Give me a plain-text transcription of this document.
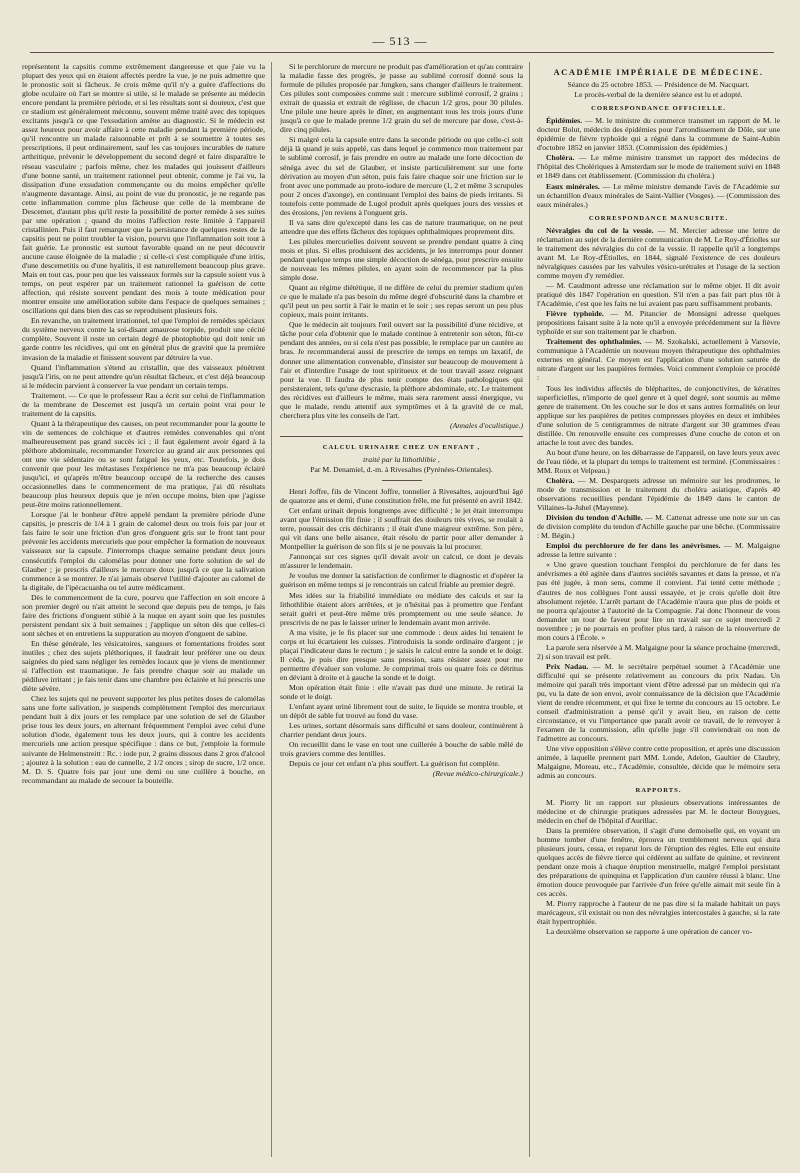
— 513 —

représentent la capsitis comme extrêmement dangereuse et que j'aie vu la plupart des yeux qui en étaient affectés perdre la vue, je ne puis admettre que le pronostic soit si fâcheux. Je crois même qu'il n'y a guère d'affections du globe oculaire où l'art se montre si utile, si le malade se présente au médecin encore pendant la première période, et si les résultats sont si douteux, c'est que ce stadium est généralement méconnu, souvent même traité avec des topiques excitants jusqu'à ce que l'exsudation amène au diagnostic. Si le médecin est assez heureux pour avoir affaire à cette maladie pendant la première période, qu'il rencontre un malade raisonnable et prêt à se soumettre à toutes ses prescriptions, il peut ordinairement, sauf les cas toujours incurables de nature arthritique, prévenir le développement du second degré et faire disparaître le réseau vasculaire ; parfois même, chez les malades qui jouissent d'ailleurs d'une bonne santé, un traitement rationnel peut obtenir, comme je l'ai vu, la dissipation d'une exsudation commençante ou du moins empêcher qu'elle n'augmente davantage. Ainsi, au point de vue du pronostic, je ne regarde pas cette inflammation comme plus fâcheuse que celle de la membrane de Descemet, d'autant plus qu'il reste la possibilité de porter remède à ses suites par une opération ; quand du moins l'affection reste limitée à l'appareil cristallinien. Puis il faut remarquer que la persistance de quelques restes de la capsitis peut ne point troubler la vision, pourvu que l'inflammation soit tout à fait guérie. Le pronostic est surtout favorable quand on ne peut découvrir aucune cause éloignée de la maladie ; si celle-ci s'est compliquée d'une iritis, d'une descemetitis ou d'une hyalitis, il est naturellement beaucoup plus grave. Mais en tout cas, pour peu que les vaisseaux formés sur la capsule soient vus à temps, on peut espérer par un traitement rationnel la guérison de cette affection, qui résiste souvent pendant des mois à toute médication pour montrer ensuite une amélioration subite dans l'espace de quelques semaines ; oscillations qui dans bien des cas se reproduisent plusieurs fois.

En revanche, un traitement irrationnel, tel que l'emploi de remèdes spéciaux du système nerveux contre la soi-disant amaurose torpide, produit une cécité complète. Souvent il reste un certain degré de photophobie qui doit tenir un garde contre les récidives, qui ont en général plus de gravité que la première invasion de la maladie et finissent souvent par détruire la vue.

Quand l'inflammation s'étend au cristallin, que des vaisseaux pénètrent jusqu'à l'iris, on ne peut attendre qu'un résultat fâcheux, et c'est déjà beaucoup si le médecin parvient à conserver la vue pendant un certain temps.

Traitement. — Ce que le professeur Rau a écrit sur celui de l'inflammation de la membrane de Descemet est jusqu'à un certain point vrai pour le traitement de la capsitis.

Quant à la thérapeutique des causes, on peut recommander pour la goutte le vin de semences de colchique et d'autres remèdes convenables qui n'ont malheureusement pas grand succès ici ; il faut également avoir égard à la pléthore abdominale, recommander l'exercice au grand air aux personnes qui ont une vie sédentaire ou se sont fatigué les yeux, etc. Toutefois, je dois convenir que pour les métastases l'expérience ne m'a pas beaucoup éclairé jusqu'ici, et qu'après m'être beaucoup occupé de la recherche des causes occasionnelles dans le commencement de ma pratique, j'ai dû résultats beaucoup plus heureux depuis que je m'en occupe moins, bien que j'agisse peut-être moins rationnellement.

Lorsque j'ai le bonheur d'être appelé pendant la première période d'une capsitis, je prescris de 1/4 à 1 grain de calomel deux ou trois fois par jour et fais faire le soir une friction d'un gros d'onguent gris sur le front tant pour prévenir les accidents mercuriels que pour empêcher la formation de nouveaux vaisseaux sur la capsule. J'interromps chaque semaine pendant deux jours consécutifs l'emploi du calomélas pour donner une forte solution de sel de Glauber ; je prescris d'ailleurs le mercure doux jusqu'à ce que la salivation commence à se montrer. Je n'ai jamais observé l'utilité d'ajouter au calomel de la digitale, de l'ipécacuanha ou tel autre médicament.

Dès le commencement de la cure, pourvu que l'affection en soit encore à son premier degré ou n'ait atteint le second que depuis peu de temps, je fais faire des frictions d'onguent stibié à la nuque en ayant soin que les pustules persistent pendant six à huit semaines ; j'applique un séton dès que celles-ci sont sèches et en entretiens la suppuration au moyen d'onguent de sabine.

En thèse générale, les vésicatoires, sangsues et fomentations froides sont inutiles ; chez des sujets pléthoriques, il faudrait leur préférer une ou deux saignées du pied sans négliger les remèdes locaux que je viens de mentionner si l'affection est traumatique. Je fais prendre chaque soir au malade un pédiluve irritant ; je fais tenir dans une chambre peu éclairée et lui prescris une diète sévère.

Chez les sujets qui ne peuvent supporter les plus petites doses de calomélas sans une forte salivation, je suspends complètement l'emploi des mercuriaux pendant huit à dix jours et les remplace par une solution de sel de Glauber prise tous les deux jours, en alternant fréquemment l'emploi avec celui d'une solution d'iode, également tous les deux jours, qui à contre les accidents mercuriels une action presque spécifique : dans ce but, j'emploie la formule suivante de Helmenstreitt : Rc. : iode pur, 2 grains dissous dans 2 gros d'alcool ; ajoutez à la solution : eau de cannelle, 2 1/2 onces ; sirop de sucre, 1/2 once. M. D. S. Quatre fois par jour une demi ou une cuillère à bouche, en recommandant au malade de secouer la bouteille.

Si le perchlorure de mercure ne produit pas d'amélioration et qu'au contraire la maladie fasse des progrès, je passe au sublimé corrosif donné sous la formule de pilules proposée par Jungken, sans changer d'ailleurs le traitement. Ces pilules sont composées comme suit : mercure sublimé corrosif, 2 grains ; extrait de quassia et extrait de réglisse, de chacun 1/2 gros, pour 30 pilules. Une pilule une heure après le dîner, en augmentant tous les trois jours d'une jusqu'à ce que le malade prenne 1/2 grain du sel de mercure par dose, c'est-à-dire cinq pilules.

Si malgré cela la capsule entre dans la seconde période ou que celle-ci soit déjà là quand je suis appelé, cas dans lequel je commence mon traitement par le sublimé corrosif, je fais prendre en outre au malade une forte décoction de sénéga avec du sel de Glauber, et insiste particulièrement sur une forte dérivation au moyen d'un séton, puis fais faire chaque soir une friction sur le front avec une pommade au proto-iodure de mercure (1, 2 et même 3 scrupules pour 2 onces d'axonge), en continuant l'emploi des bains de pieds irritants. Si toutefois cette pommade de Lugol produit après quelques jours des vessies et des érosions, j'en reviens à l'onguent gris.

Il va sans dire qu'excepté dans les cas de nature traumatique, on ne peut attendre que des effets fâcheux des topiques ophthalmiques proprement dits.

Les pilules mercurielles doivent souvent se prendre pendant quatre à cinq mois et plus. Si elles produisent des accidents, je les interromps pour donner pendant quelque temps une simple décoction de sénéga, pour prescrire ensuite de nouveau les mêmes pilules, en ayant soin de recommencer par la plus simple dose.

Quant au régime diététique, il ne diffère de celui du premier stadium qu'en ce que le malade n'a pas besoin du même degré d'obscurité dans la chambre et qu'il peut un peu sortir à l'air le matin et le soir ; ses repas seront un peu plus copieux, mais point irritants.

Que le médecin ait toujours l'œil ouvert sur la possibilité d'une récidive, et tâche pour cela d'obtenir que le malade continue à entretenir son séton, fût-ce pendant des années, ou si cela n'est pas possible, le remplace par un cautère au bras. Je recommanderai aussi de prescrire de temps en temps un laxatif, de donner une alimentation convenable, d'insister sur beaucoup de mouvement à l'air et d'interdire l'usage de tout spiritueux et de tout travail assez reignant pour la vue. Il faudra de plus tenir compte des états pathologiques qui persisteraient, tels qu'une dyscrasie, la pléthore abdominale, etc. Le traitement des récidives est d'ailleurs le même, mais sera rarement aussi énergique, vu que le malade, rendu attentif aux symptômes et à la gravité de ce mal, cherchera plus vite les conseils de l'art.

(Annales d'oculistique.)

CALCUL URINAIRE CHEZ UN ENFANT ,

traité par la lithothlibie ,

Par M. Denamiel, d.-m. à Rivesaltes (Pyrénées-Orientales).

Henri Joffre, fils de Vincent Joffre, tonnelier à Rivesaltes, aujourd'hui âgé de quatorze ans et demi, d'une constitution frêle, me fut présenté en avril 1842.

Cet enfant urinait depuis longtemps avec difficulté ; le jet était interrompu avant que l'émission fût finie ; il souffrait des douleurs très vives, se roulait à terre, poussait des cris déchirants ; il était d'une maigreur extrême. Son père, qui vit dans une belle aisance, était résolu de partir pour aller demander à Montpellier la guérison de son fils si je ne pouvais la lui procurer.

J'annonçai sur ces signes qu'il devait avoir un calcul, ce dont je devais m'assurer le lendemain.

Je voulus me donner la satisfaction de confirmer le diagnostic et d'opérer la guérison en même temps si je rencontrais un calcul friable au premier degré.

Mes idées sur la friabilité immédiate ou médiate des calculs et sur la lithothlibie étaient alors arrêtées, et je n'hésitai pas à promettre que l'enfant serait guéri et peut-être même très promptement ou une seule séance. Je prescrivis de ne pas le laisser uriner le lendemain avant mon arrivée.

A ma visite, je le fis placer sur une commode : deux aides lui tenaient le corps et lui écartaient les cuisses. J'introduisis la sonde ordinaire d'argent ; je plaçai l'indicateur dans le rectum ; je saisis le calcul entre la sonde et le doigt. Il céda, je puis dire presque sans pression, sans résister assez pour me permettre d'évaluer son volume. Je comprimai trois ou quatre fois ce détritus en déviant à droite et à gauche la sonde et le doigt.

Mon opération était finie : elle n'avait pas duré une minute. Je retirai la sonde et le doigt.

L'enfant ayant uriné librement tout de suite, le liquide se montra trouble, et un dépôt de sable fut trouvé au fond du vase.

Les urines, sortant désormais sans difficulté et sans douleur, continuèrent à charrier pendant deux jours.

On recueillit dans le vase en tout une cuillerée à bouche de sable mêlé de trois graviers comme des lentilles.

Depuis ce jour cet enfant n'a plus souffert. La guérison fut complète.

(Revue médico-chirurgicale.)

ACADÉMIE IMPÉRIALE DE MÉDECINE.

Séance du 25 octobre 1853. — Présidence de M. Nacquart.

Le procès-verbal de la dernière séance est lu et adopté.

CORRESPONDANCE OFFICIELLE.

Épidémies. — M. le ministre du commerce transmet un rapport de M. le docteur Bolut, médecin des épidémies pour l'arrondissement de Dôle, sur une épidémie de fièvre typhoïde qui a régné dans la commune de Saint-Aubin d'octobre 1852 en janvier 1853. (Commission des épidémies.)

Choléra. — Le même ministre transmet un rapport des médecins de l'hôpital des Cholériques à Amsterdam sur le mode de traitement suivi en 1848 et 1849 dans cet établissement. (Commission du choléra.)

Eaux minérales. — Le même ministre demande l'avis de l'Académie sur un échantillon d'eaux minérales de Saint-Vallier (Vosges). — (Commission des eaux minérales.)

CORRESPONDANCE MANUSCRITE.

Névralgies du col de la vessie. — M. Mercier adresse une lettre de réclamation au sujet de la dernière communication de M. Le Roy-d'Étiolles sur le traitement des névralgies du col de la vessie. Il rappelle qu'il a longtemps avant M. Le Roy-d'Étiolles, en 1844, signalé l'existence de ces douleurs névralgiques causées par les valvules vésico-urétrales et l'usage de la section comme moyen d'y remédier.

— M. Caudmont adresse une réclamation sur le même objet. Il dit avoir pratiqué dès 1847 l'opération en question. S'il n'en a pas fait part plus tôt à l'Académie, c'est que les faits ne lui avaient pas paru suffisamment probants.

Fièvre typhoïde. — M. Pitancier de Monsigni adresse quelques propositions faisant suite à la note qu'il a envoyée précédemment sur la fièvre typhoïde et sur son traitement par le charbon.

Traitement des ophthalmies. — M. Szokalski, actuellement à Varsovie, communique à l'Académie un nouveau moyen thérapeutique des ophthalmies externes en général. Ce moyen est l'application d'une solution saturée de nitrate d'argent sur les paupières fermées. Voici comment s'emploie ce procédé :

Tous les individus affectés de blépharites, de conjonctivites, de kératites superficielles, n'importe de quel genre et à quel degré, sont soumis au même genre de traitement. On les couche sur le dos et sans autres formalités on leur applique sur les paupières de petites compresses ployées en deux et imbibées d'une solution de 5 centigrammes de nitrate d'argent sur 30 grammes d'eau distillée. On renouvelle ensuite ces compresses d'une couche de coton et on attache le tout avec des bandes.

Au bout d'une heure, on les débarrasse de l'appareil, on lave leurs yeux avec de l'eau tiède, et la plupart du temps le traitement est terminé. (Commissaires : MM. Roux et Velpeau.)

Choléra. — M. Desparquets adresse un mémoire sur les prodromes, le mode de transmission et le traitement du choléra asiatique, d'après 40 observations recueillies pendant l'épidémie de 1849 dans le canton de Villaines-la-Juhel (Mayenne).

Division du tendon d'Achille. — M. Cattenat adresse une note sur un cas de division complète du tendon d'Achille gauche par une bêche. (Commissaire : M. Bégin.)

Emploi du perchlorure de fer dans les anévrismes. — M. Malgaigne adresse la lettre suivante :

« Une grave question touchant l'emploi du perchlorure de fer dans les anévrismes a été agitée dans d'autres sociétés savantes et dans la presse, et n'a pas été jugée, à mon sens, comme il convient. J'ai tenté cette méthode ; d'autres de nos collègues l'ont aussi essayée, et je crois qu'elle doit être absolument rejetée. L'arrêt partant de l'Académie n'aura que plus de poids et ne pourra qu'ajouter à l'autorité de la Compagnie. J'ai donc l'honneur de vous demander un tour de faveur pour lire un travail sur ce sujet mercredi 2 novembre ; je ne pourrais en profiter plus tard, à raison de la réouverture de mon cours à l'École. »

La parole sera réservée à M. Malgaigne pour la séance prochaine (mercredi, 2) si son travail est prêt.

Prix Nadau. — M. le secrétaire perpétuel soumet à l'Académie une difficulté qui se présente relativement au concours du prix Nadau. Un mémoire qui paraît très important vient d'être adressé par un médecin qui n'a pu, vu la date de son envoi, avoir connaissance de la décision que l'Académie vient de rendre récemment, et qui fixe le terme du concours au 15 octobre. Le conseil d'administration a pensé qu'il y avait lieu, en raison de cette circonstance, et vu l'importance que paraît avoir ce travail, de le renvoyer à l'examen de la commission, afin qu'elle juge s'il conviendrait ou non de l'admettre au concours.

Une vive opposition s'élève contre cette proposition, et après une discussion animée, à laquelle prennent part MM. Londe, Adelon, Gaultier de Claubry, Malgaigne, Moreau, etc., l'Académie, consultée, décide que le mémoire sera admis au concours.

RAPPORTS.

M. Piorry lit un rapport sur plusieurs observations intéressantes de médecine et de chirurgie pratiques adressées par M. le docteur Bouygues, médecin en chef de l'hôpital d'Aurillac.

Dans la première observation, il s'agit d'une demoiselle qui, en voyant un homme tomber d'une fenêtre, éprouva un tremblement nerveux qui dura plusieurs jours, cessa, et reparut lors de l'éruption des règles. Elle eut ensuite quelques accès de fièvre tierce qui cédèrent au sulfate de quinine, et revinrent pendant onze mois à chaque éruption menstruelle, malgré l'emploi persistant des préparations de quinquina et l'application d'un cautère réussi à blanc. Une émotion douce provoquée par l'arrivée d'un frère qu'elle aimait mit seule fin à ces accès.

M. Piorry rapproche à l'auteur de ne pas dire si la malade habitait un pays marécageux, s'il existait ou non des névralgies intercostales à gauche, si la rate était hypertrophiée.

La deuxième observation se rapporte à une opération de cancer vo-
